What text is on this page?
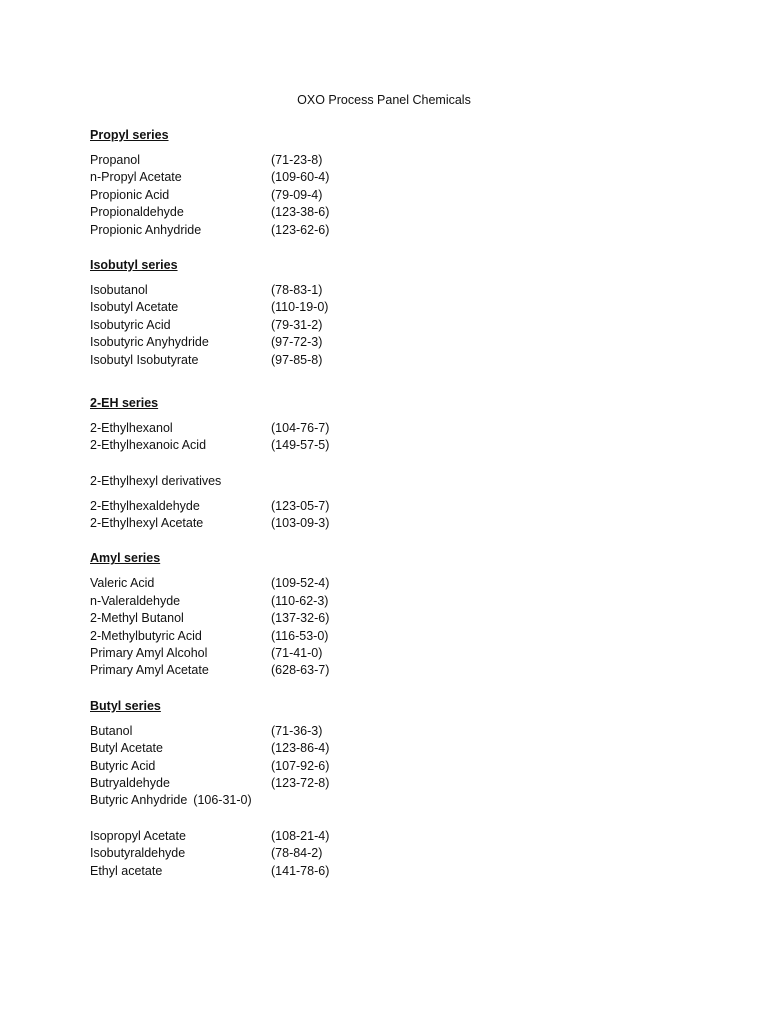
OXO Process Panel Chemicals
Propyl series
Propanol	(71-23-8)
n-Propyl Acetate	(109-60-4)
Propionic Acid	(79-09-4)
Propionaldehyde	(123-38-6)
Propionic Anhydride	(123-62-6)
Isobutyl series
Isobutanol	(78-83-1)
Isobutyl Acetate	(110-19-0)
Isobutyric Acid	(79-31-2)
Isobutyric Anyhydride	(97-72-3)
Isobutyl Isobutyrate	(97-85-8)
2-EH series
2-Ethylhexanol	(104-76-7)
2-Ethylhexanoic Acid	(149-57-5)
2-Ethylhexyl derivatives
2-Ethylhexaldehyde	(123-05-7)
2-Ethylhexyl Acetate	(103-09-3)
Amyl series
Valeric Acid	(109-52-4)
n-Valeraldehyde	(110-62-3)
2-Methyl Butanol	(137-32-6)
2-Methylbutyric Acid	(116-53-0)
Primary Amyl Alcohol	(71-41-0)
Primary Amyl Acetate	(628-63-7)
Butyl series
Butanol	(71-36-3)
Butyl Acetate	(123-86-4)
Butyric Acid	(107-92-6)
Butryaldehyde	(123-72-8)
Butyric Anhydride (106-31-0)
Isopropyl Acetate	(108-21-4)
Isobutyraldehyde	(78-84-2)
Ethyl acetate	(141-78-6)
